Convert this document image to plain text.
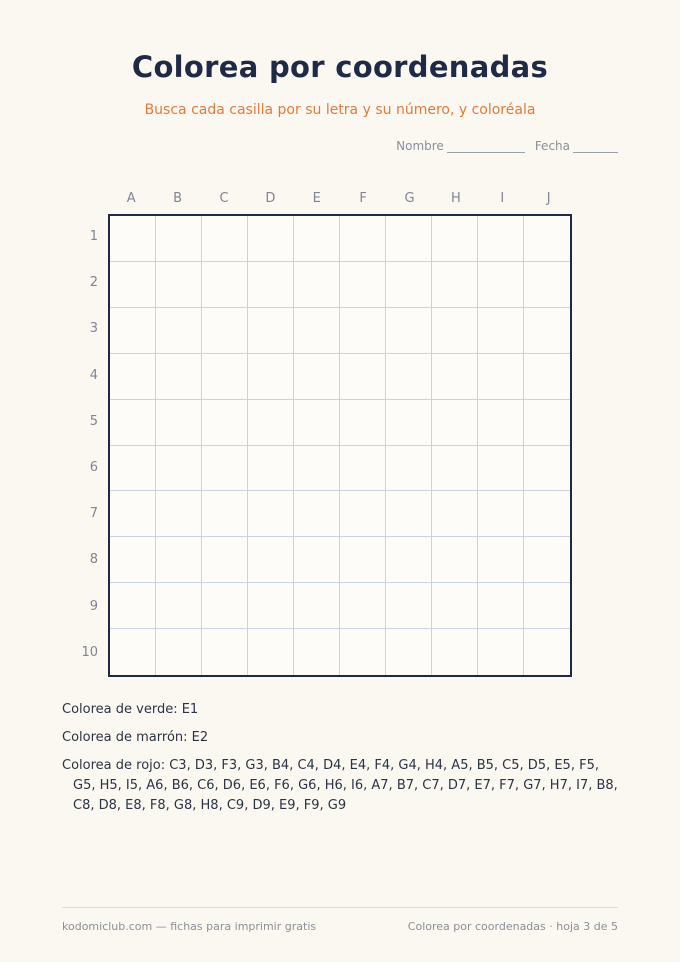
Colorea por coordenadas
Busca cada casilla por su letra y su número, y coloréala
Nombre	Fecha
A	B	C	D	E	F	G	H	I	J
1
2
3
4
5
6
7
8
9
10
Colorea de verde: E1
Colorea de marrón: E2
Colorea de rojo: C3, D3, F3, G3, B4, C4, D4, E4, F4, G4, H4, A5, B5, C5, D5, E5, F5, G5, H5, I5, A6, B6, C6, D6, E6, F6, G6, H6, I6, A7, B7, C7, D7, E7, F7, G7, H7, I7, B8, C8, D8, E8, F8, G8, H8, C9, D9, E9, F9, G9
kodomiclub.com — fichas para imprimir gratis	Colorea por coordenadas · hoja 3 de 5
